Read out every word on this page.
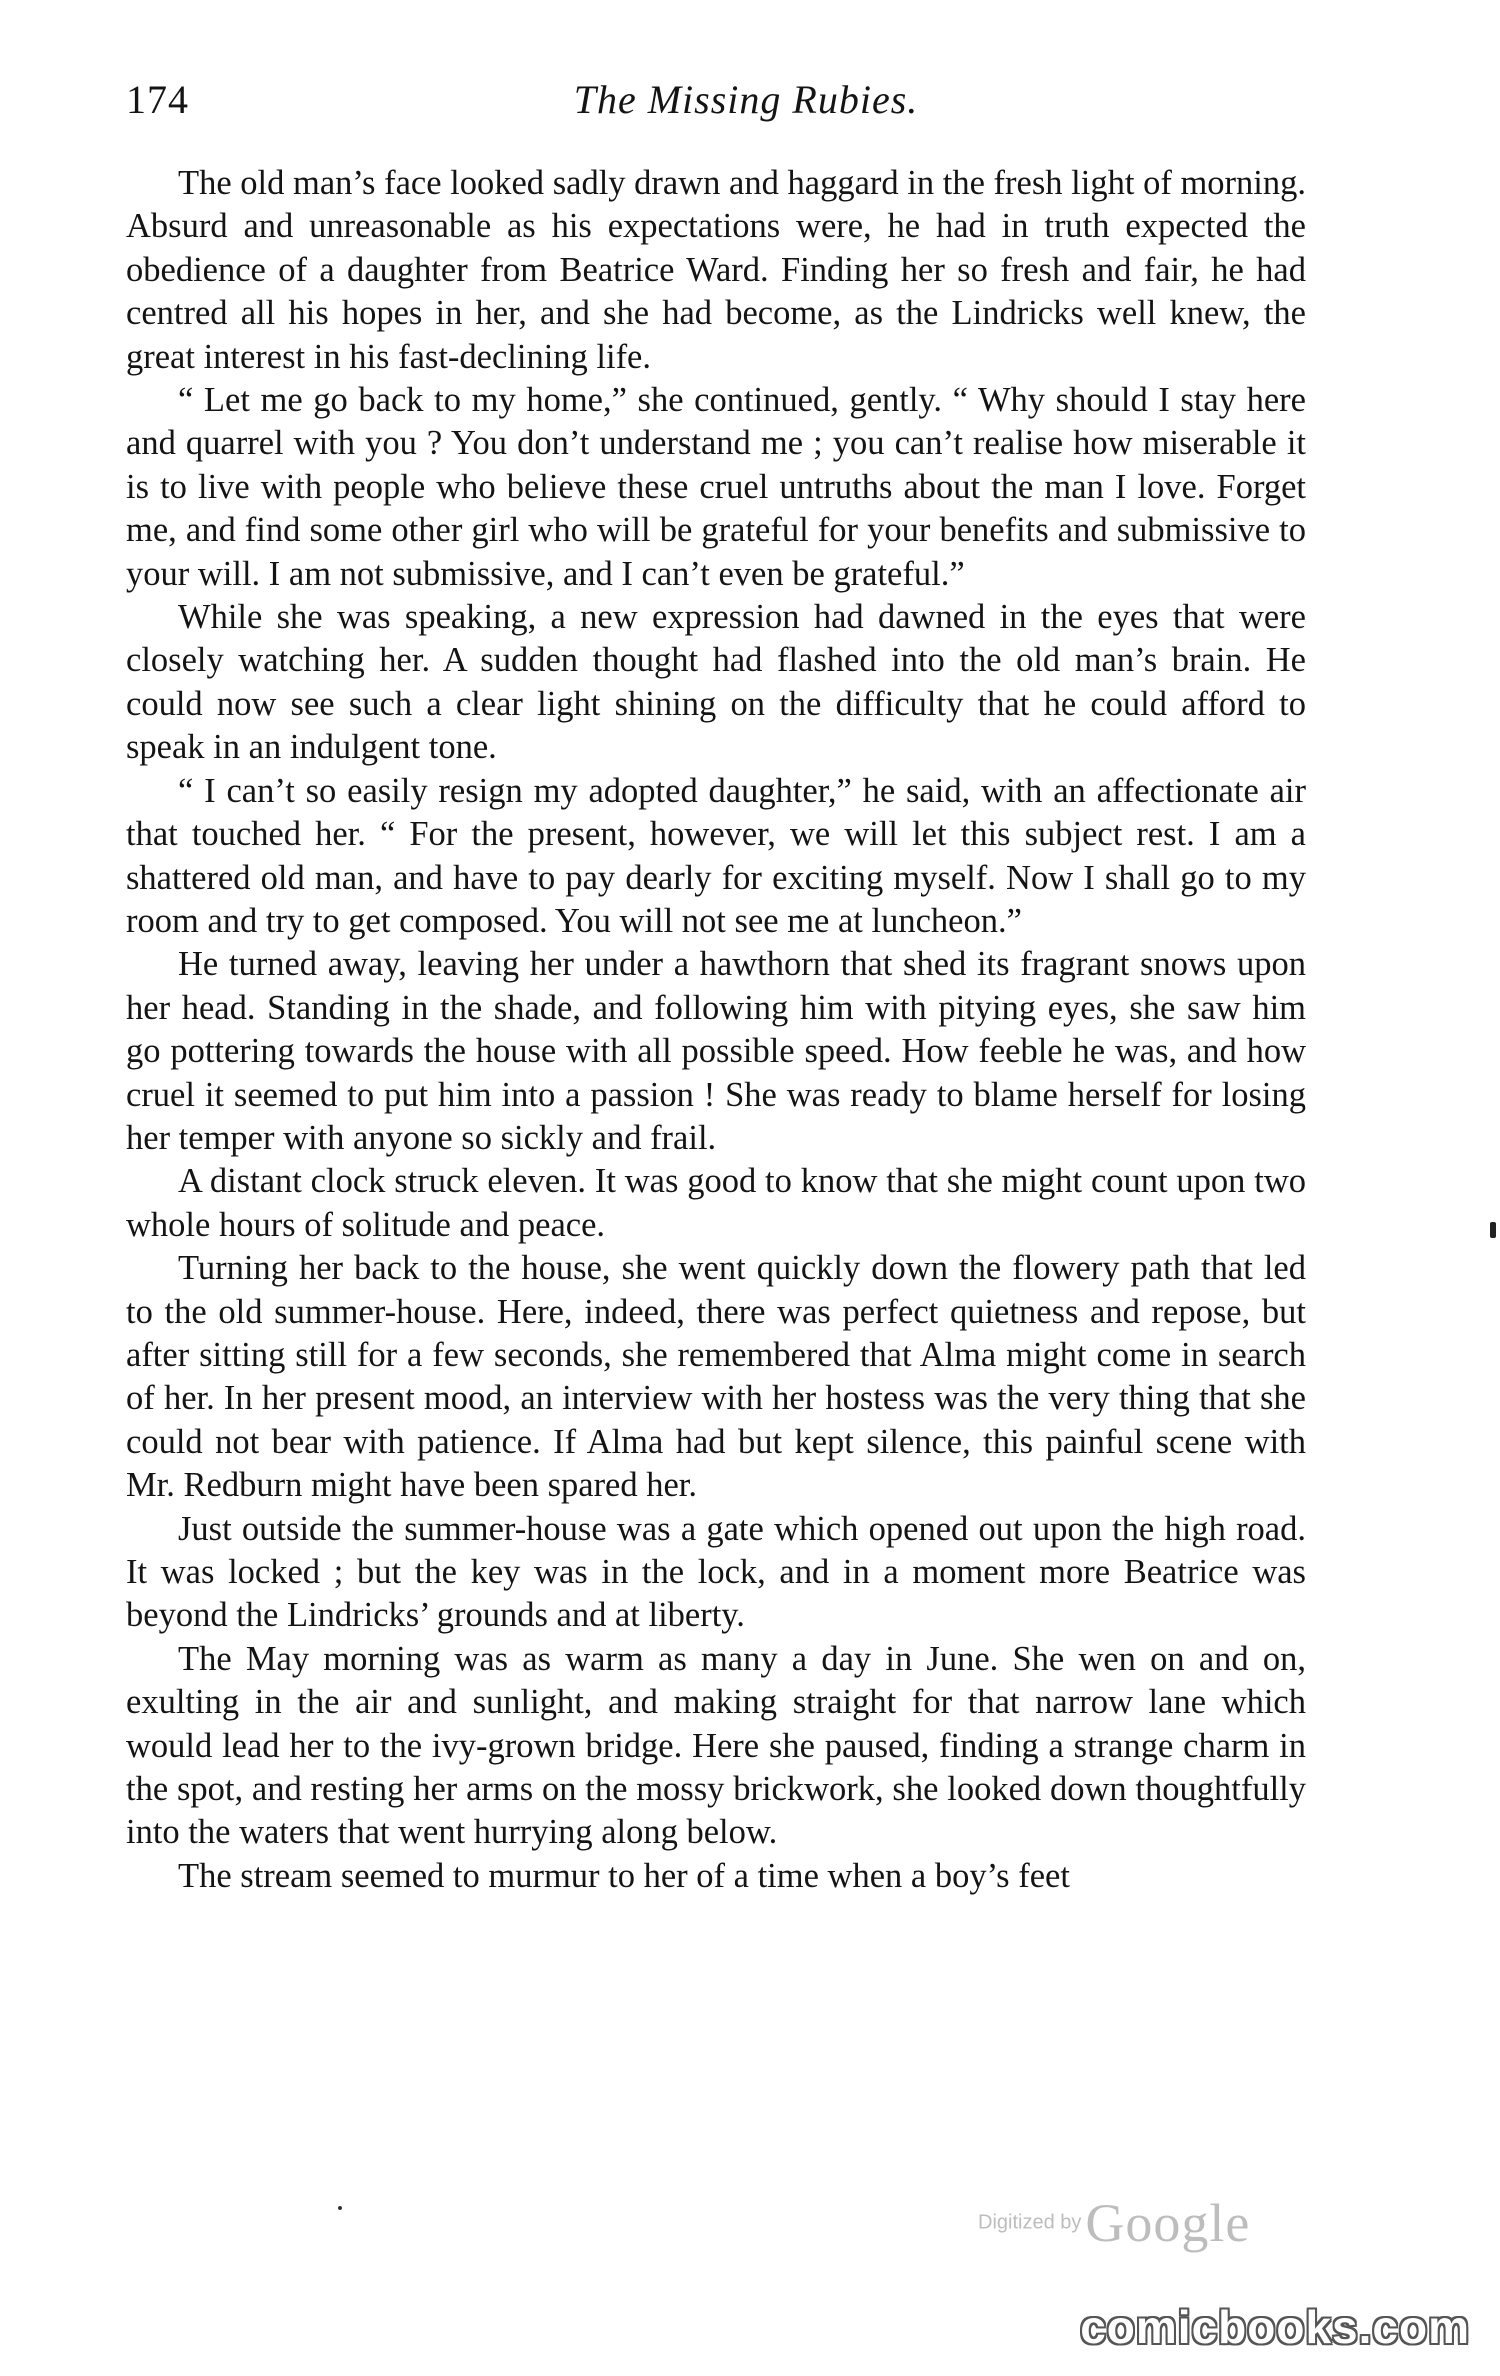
174	The Missing Rubies.

The old man’s face looked sadly drawn and haggard in the fresh light of morning. Absurd and unreasonable as his expectations were, he had in truth expected the obedience of a daughter from Beatrice Ward. Finding her so fresh and fair, he had centred all his hopes in her, and she had become, as the Lindricks well knew, the great interest in his fast-declining life.

“ Let me go back to my home,” she continued, gently. “ Why should I stay here and quarrel with you ? You don’t understand me ; you can’t realise how miserable it is to live with people who believe these cruel untruths about the man I love. Forget me, and find some other girl who will be grateful for your benefits and submissive to your will. I am not submissive, and I can’t even be grateful.”

While she was speaking, a new expression had dawned in the eyes that were closely watching her. A sudden thought had flashed into the old man’s brain. He could now see such a clear light shining on the difficulty that he could afford to speak in an indulgent tone.

“ I can’t so easily resign my adopted daughter,” he said, with an affectionate air that touched her. “ For the present, however, we will let this subject rest. I am a shattered old man, and have to pay dearly for exciting myself. Now I shall go to my room and try to get composed. You will not see me at luncheon.”

He turned away, leaving her under a hawthorn that shed its fragrant snows upon her head. Standing in the shade, and following him with pitying eyes, she saw him go pottering towards the house with all possible speed. How feeble he was, and how cruel it seemed to put him into a passion ! She was ready to blame herself for losing her temper with anyone so sickly and frail.

A distant clock struck eleven. It was good to know that she might count upon two whole hours of solitude and peace.

Turning her back to the house, she went quickly down the flowery path that led to the old summer-house. Here, indeed, there was perfect quietness and repose, but after sitting still for a few seconds, she remembered that Alma might come in search of her. In her present mood, an interview with her hostess was the very thing that she could not bear with patience. If Alma had but kept silence, this painful scene with Mr. Redburn might have been spared her.

Just outside the summer-house was a gate which opened out upon the high road. It was locked ; but the key was in the lock, and in a moment more Beatrice was beyond the Lindricks’ grounds and at liberty.

The May morning was as warm as many a day in June. She wen on and on, exulting in the air and sunlight, and making straight for that narrow lane which would lead her to the ivy-grown bridge. Here she paused, finding a strange charm in the spot, and resting her arms on the mossy brickwork, she looked down thoughtfully into the waters that went hurrying along below.

The stream seemed to murmur to her of a time when a boy’s feet

Digitized by Google
comicbooks.com
